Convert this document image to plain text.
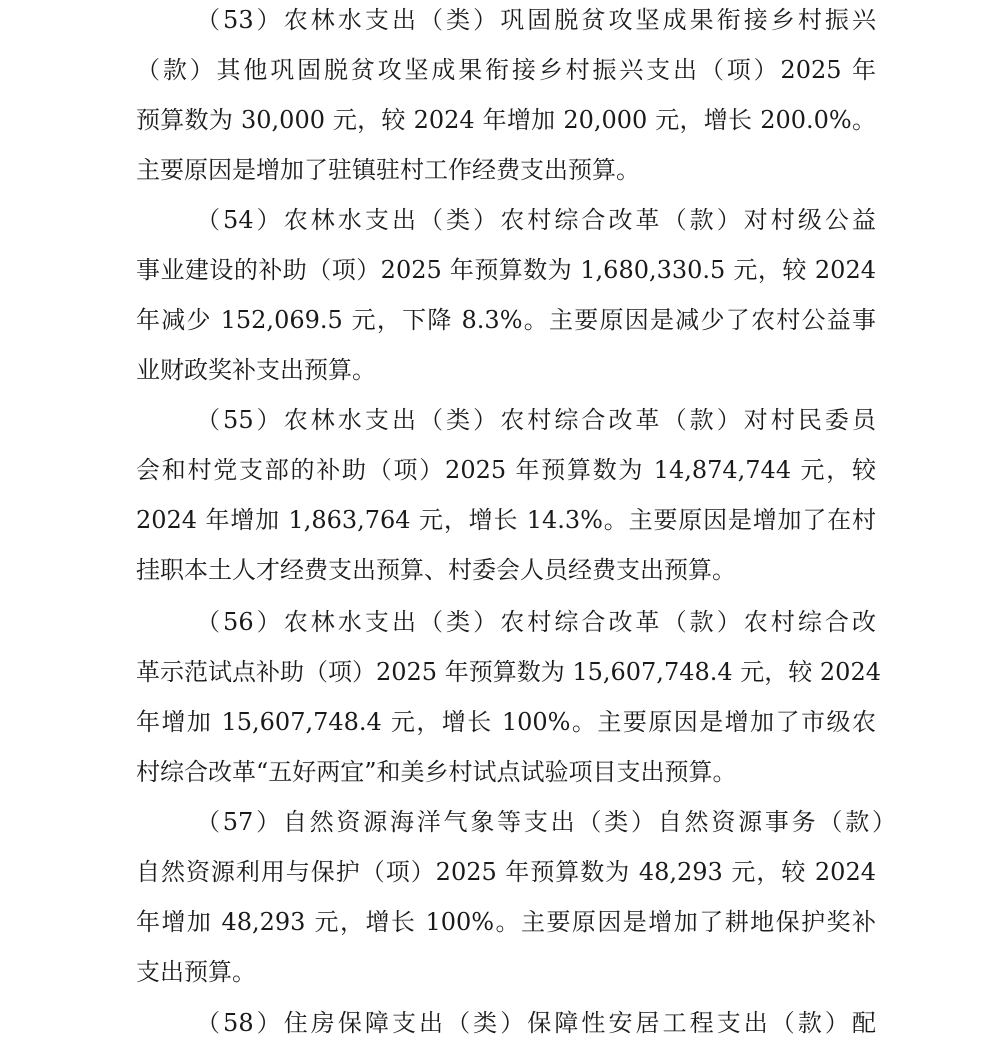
（53）农林水支出（类）巩固脱贫攻坚成果衔接乡村振兴
（款）其他巩固脱贫攻坚成果衔接乡村振兴支出（项）2025 年
预算数为 30,000 元，较 2024 年增加 20,000 元，增长 200.0%。
主要原因是增加了驻镇驻村工作经费支出预算。
（54）农林水支出（类）农村综合改革（款）对村级公益
事业建设的补助（项）2025 年预算数为 1,680,330.5 元，较 2024
年减少 152,069.5 元，下降 8.3%。主要原因是减少了农村公益事
业财政奖补支出预算。
（55）农林水支出（类）农村综合改革（款）对村民委员
会和村党支部的补助（项）2025 年预算数为 14,874,744 元，较
2024 年增加 1,863,764 元，增长 14.3%。主要原因是增加了在村
挂职本土人才经费支出预算、村委会人员经费支出预算。
（56）农林水支出（类）农村综合改革（款）农村综合改
革示范试点补助（项）2025 年预算数为 15,607,748.4 元，较 2024
年增加 15,607,748.4 元，增长 100%。主要原因是增加了市级农
村综合改革“五好两宜”和美乡村试点试验项目支出预算。
（57）自然资源海洋气象等支出（类）自然资源事务（款）
自然资源利用与保护（项）2025 年预算数为 48,293 元，较 2024
年增加 48,293 元，增长 100%。主要原因是增加了耕地保护奖补
支出预算。
（58）住房保障支出（类）保障性安居工程支出（款）配
